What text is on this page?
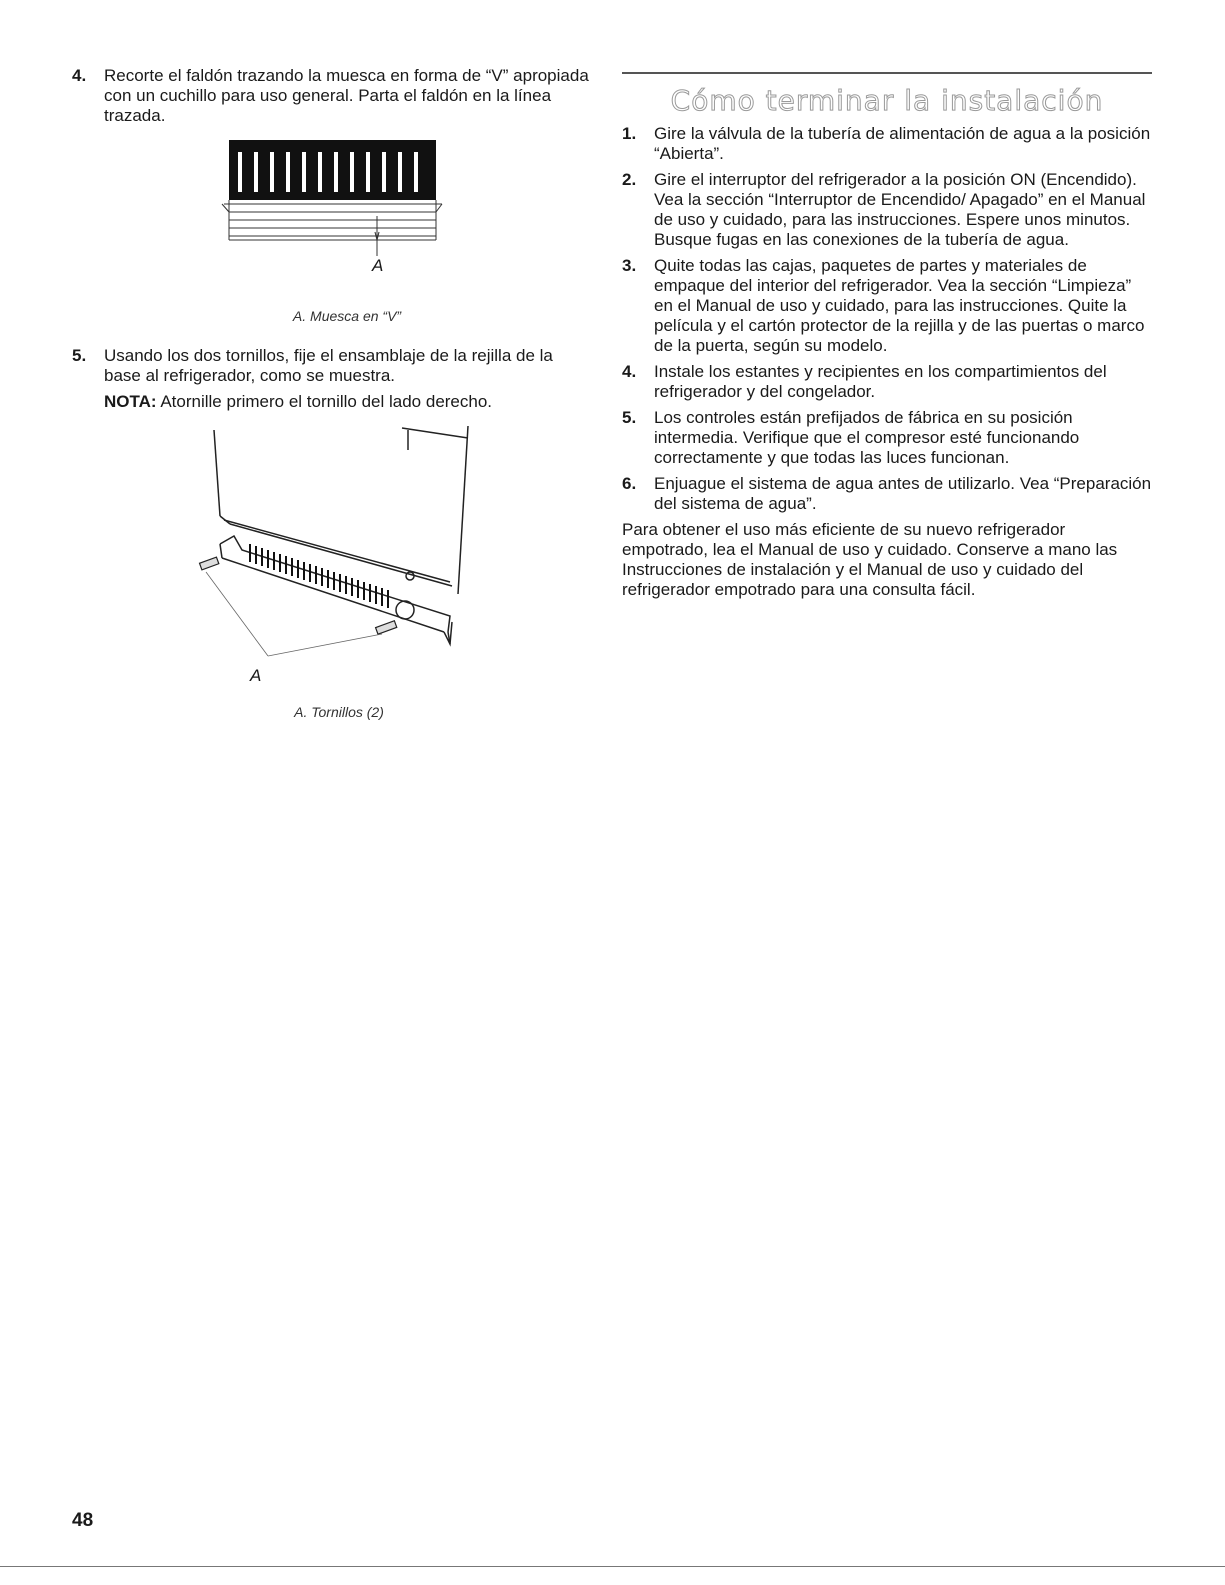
4.	Recorte el faldón trazando la muesca en forma de “V” apropiada con un cuchillo para uso general. Parta el faldón en la línea trazada.
A
A. Muesca en “V”
5.	Usando los dos tornillos, fije el ensamblaje de la rejilla de la base al refrigerador, como se muestra.
NOTA: Atornille primero el tornillo del lado derecho.
A
A. Tornillos (2)
Cómo terminar la instalación
1.	Gire la válvula de la tubería de alimentación de agua a la posición “Abierta”.
2.	Gire el interruptor del refrigerador a la posición ON (Encendido). Vea la sección “Interruptor de Encendido/ Apagado” en el Manual de uso y cuidado, para las instrucciones. Espere unos minutos. Busque fugas en las conexiones de la tubería de agua.
3.	Quite todas las cajas, paquetes de partes y materiales de empaque del interior del refrigerador. Vea la sección “Limpieza” en el Manual de uso y cuidado, para las instrucciones. Quite la película y el cartón protector de la rejilla y de las puertas o marco de la puerta, según su modelo.
4.	Instale los estantes y recipientes en los compartimientos del refrigerador y del congelador.
5.	Los controles están prefijados de fábrica en su posición intermedia. Verifique que el compresor esté funcionando correctamente y que todas las luces funcionan.
6.	Enjuague el sistema de agua antes de utilizarlo. Vea “Preparación del sistema de agua”.
Para obtener el uso más eficiente de su nuevo refrigerador empotrado, lea el Manual de uso y cuidado. Conserve a mano las Instrucciones de instalación y el Manual de uso y cuidado del refrigerador empotrado para una consulta fácil.
48
